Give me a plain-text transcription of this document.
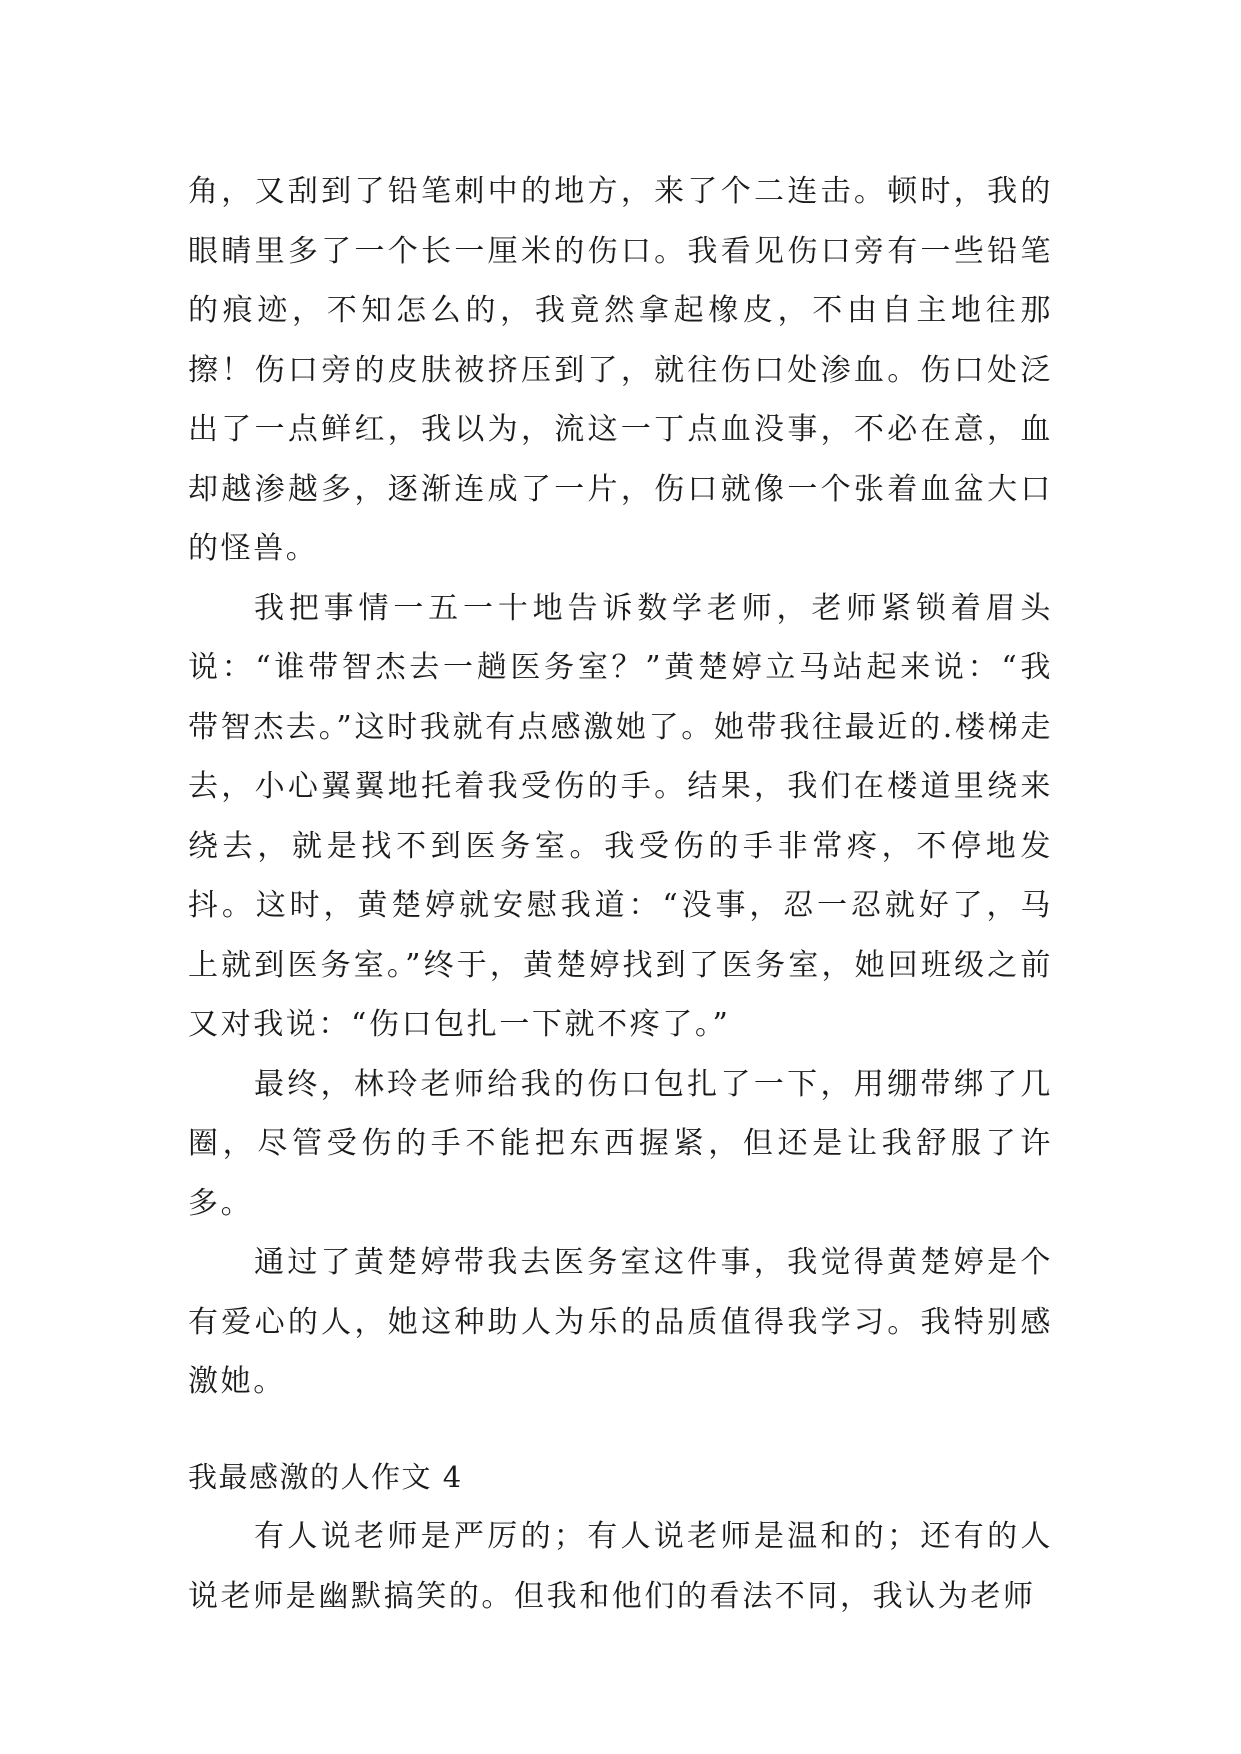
角，又刮到了铅笔刺中的地方，来了个二连击。顿时，我的眼睛里多了一个长一厘米的伤口。我看见伤口旁有一些铅笔的痕迹，不知怎么的，我竟然拿起橡皮，不由自主地往那擦！伤口旁的皮肤被挤压到了，就往伤口处渗血。伤口处泛出了一点鲜红，我以为，流这一丁点血没事，不必在意，血却越渗越多，逐渐连成了一片，伤口就像一个张着血盆大口的怪兽。

我把事情一五一十地告诉数学老师，老师紧锁着眉头说：“谁带智杰去一趟医务室？”黄楚婷立马站起来说：“我带智杰去。”这时我就有点感激她了。她带我往最近的.楼梯走去，小心翼翼地托着我受伤的手。结果，我们在楼道里绕来绕去，就是找不到医务室。我受伤的手非常疼，不停地发抖。这时，黄楚婷就安慰我道：“没事，忍一忍就好了，马上就到医务室。”终于，黄楚婷找到了医务室，她回班级之前又对我说：“伤口包扎一下就不疼了。”

最终，林玲老师给我的伤口包扎了一下，用绷带绑了几圈，尽管受伤的手不能把东西握紧，但还是让我舒服了许多。

通过了黄楚婷带我去医务室这件事，我觉得黄楚婷是个有爱心的人，她这种助人为乐的品质值得我学习。我特别感激她。

我最感激的人作文 4

有人说老师是严厉的；有人说老师是温和的；还有的人说老师是幽默搞笑的。但我和他们的看法不同，我认为老师
